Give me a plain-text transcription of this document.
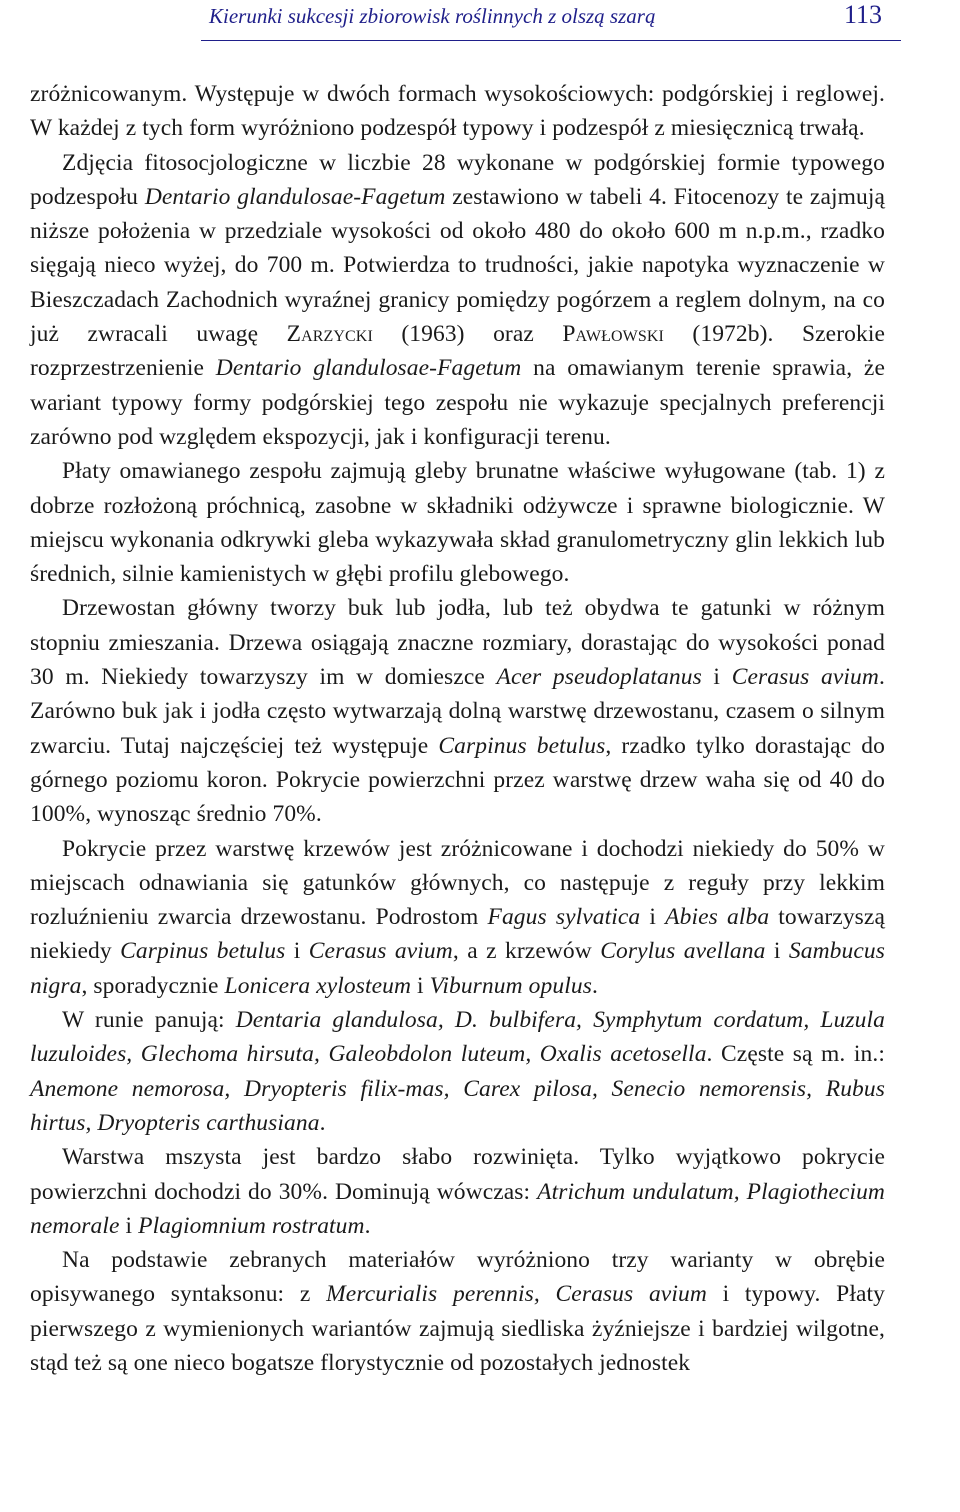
Kierunki sukcesji zbiorowisk roślinnych z olszą szarą	113

zróżnicowanym. Występuje w dwóch formach wysokościowych: podgórskiej i reglowej. W każdej z tych form wyróżniono podzespół typowy i podzespół z miesięcznicą trwałą.

Zdjęcia fitosocjologiczne w liczbie 28 wykonane w podgórskiej formie typowego podzespołu Dentario glandulosae-Fagetum zestawiono w tabeli 4. Fitocenozy te zajmują niższe położenia w przedziale wysokości od około 480 do około 600 m n.p.m., rzadko sięgają nieco wyżej, do 700 m. Potwierdza to trudności, jakie napotyka wyznaczenie w Bieszczadach Zachodnich wyraźnej granicy pomiędzy pogórzem a reglem dolnym, na co już zwracali uwagę Zarzycki (1963) oraz Pawłowski (1972b). Szerokie rozprzestrzenienie Dentario glandulosae-Fagetum na omawianym terenie sprawia, że wariant typowy formy podgórskiej tego zespołu nie wykazuje specjalnych preferencji zarówno pod względem ekspozycji, jak i konfiguracji terenu.

Płaty omawianego zespołu zajmują gleby brunatne właściwe wyługowane (tab. 1) z dobrze rozłożoną próchnicą, zasobne w składniki odżywcze i sprawne biologicznie. W miejscu wykonania odkrywki gleba wykazywała skład granulometryczny glin lekkich lub średnich, silnie kamienistych w głębi profilu glebowego.

Drzewostan główny tworzy buk lub jodła, lub też obydwa te gatunki w różnym stopniu zmieszania. Drzewa osiągają znaczne rozmiary, dorastając do wysokości ponad 30 m. Niekiedy towarzyszy im w domieszce Acer pseudoplatanus i Cerasus avium. Zarówno buk jak i jodła często wytwarzają dolną warstwę drzewostanu, czasem o silnym zwarciu. Tutaj najczęściej też występuje Carpinus betulus, rzadko tylko dorastając do górnego poziomu koron. Pokrycie powierzchni przez warstwę drzew waha się od 40 do 100%, wynosząc średnio 70%.

Pokrycie przez warstwę krzewów jest zróżnicowane i dochodzi niekiedy do 50% w miejscach odnawiania się gatunków głównych, co następuje z reguły przy lekkim rozluźnieniu zwarcia drzewostanu. Podrostom Fagus sylvatica i Abies alba towarzyszą niekiedy Carpinus betulus i Cerasus avium, a z krzewów Corylus avellana i Sambucus nigra, sporadycznie Lonicera xylosteum i Viburnum opulus.

W runie panują: Dentaria glandulosa, D. bulbifera, Symphytum cordatum, Luzula luzuloides, Glechoma hirsuta, Galeobdolon luteum, Oxalis acetosella. Częste są m. in.: Anemone nemorosa, Dryopteris filix-mas, Carex pilosa, Senecio nemorensis, Rubus hirtus, Dryopteris carthusiana.

Warstwa mszysta jest bardzo słabo rozwinięta. Tylko wyjątkowo pokrycie powierzchni dochodzi do 30%. Dominują wówczas: Atrichum undulatum, Plagiothecium nemorale i Plagiomnium rostratum.

Na podstawie zebranych materiałów wyróżniono trzy warianty w obrębie opisywanego syntaksonu: z Mercurialis perennis, Cerasus avium i typowy. Płaty pierwszego z wymienionych wariantów zajmują siedliska żyźniejsze i bardziej wilgotne, stąd też są one nieco bogatsze florystycznie od pozostałych jednostek
